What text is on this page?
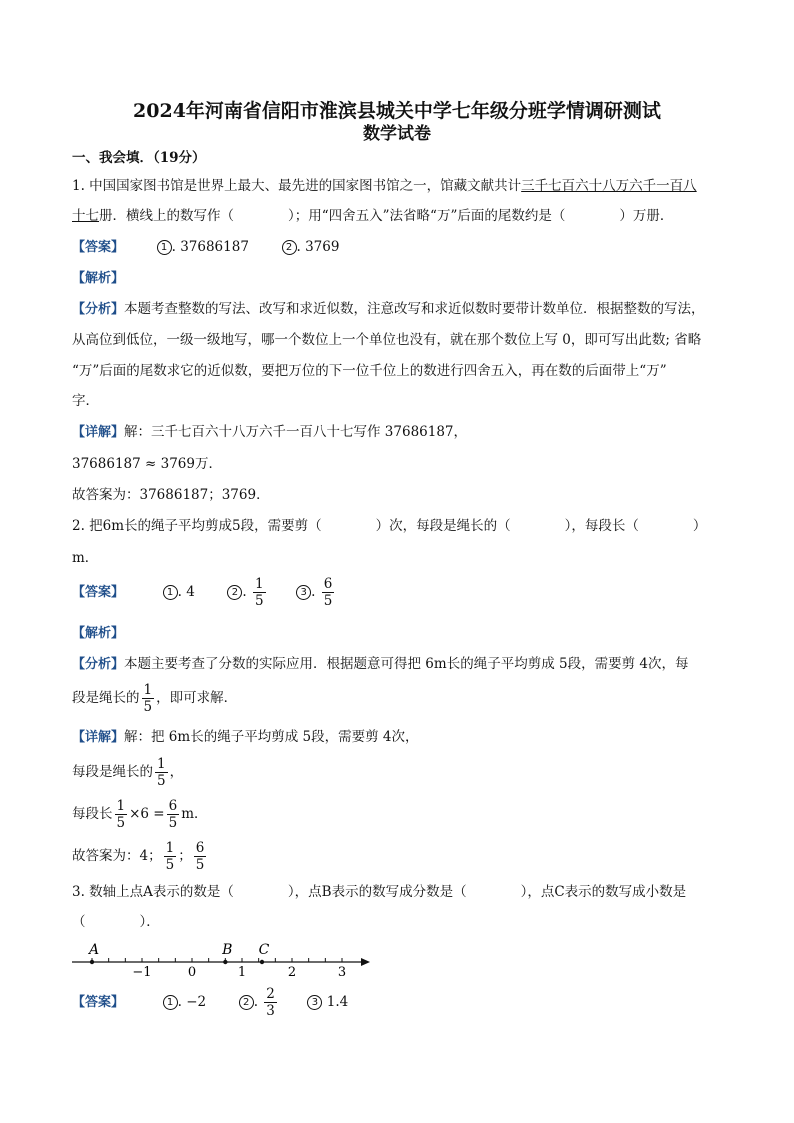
2024年河南省信阳市淮滨县城关中学七年级分班学情调研测试
数学试卷
一、我会填．（19分）
1. 中国国家图书馆是世界上最大、最先进的国家图书馆之一，馆藏文献共计三千七百六十八万六千一百八
十七册．横线上的数写作（　　　　）；用“四舍五入”法省略“万”后面的尾数约是（　　　　）万册．
【答案】	1 . 37686187	2 . 3769
【解析】
【分析】本题考查整数的写法、改写和求近似数，注意改写和求近似数时要带计数单位．根据整数的写法，
从高位到低位，一级一级地写，哪一个数位上一个单位也没有，就在那个数位上写 0，即可写出此数; 省略
“万”后面的尾数求它的近似数，要把万位的下一位千位上的数进行四舍五入，再在数的后面带上“万”
字．
【详解】解：三千七百六十八万六千一百八十七写作 37686187，
37686187 ≈ 3769万．
故答案为：37686187；3769．
2. 把6m长的绳子平均剪成5段，需要剪（　　　　）次，每段是绳长的（　　　　），每段长（　　　　）
m．
【答案】	1 . 4	2 . $\frac{1}{5}$	3 . $\frac{6}{5}$
【解析】
【分析】本题主要考查了分数的实际应用．根据题意可得把 6m长的绳子平均剪成 5段，需要剪 4次，每
段是绳长的 $\frac{1}{5}$ ，即可求解．
【详解】解：把 6m长的绳子平均剪成 5段，需要剪 4次，
每段是绳长的 $\frac{1}{5}$ ，
每段长 $\frac{1}{5} \times 6 = \frac{6}{5}$ m．
故答案为：4； $\frac{1}{5}$ ； $\frac{6}{5}$
3. 数轴上点A表示的数是（　　　　），点B表示的数写成分数是（　　　　），点C表示的数写成小数是
（　　　　）．
−1	0	1	2	3
A	B C
【答案】	1 . −2	2 . $\frac{2}{3}$	3 1.4
